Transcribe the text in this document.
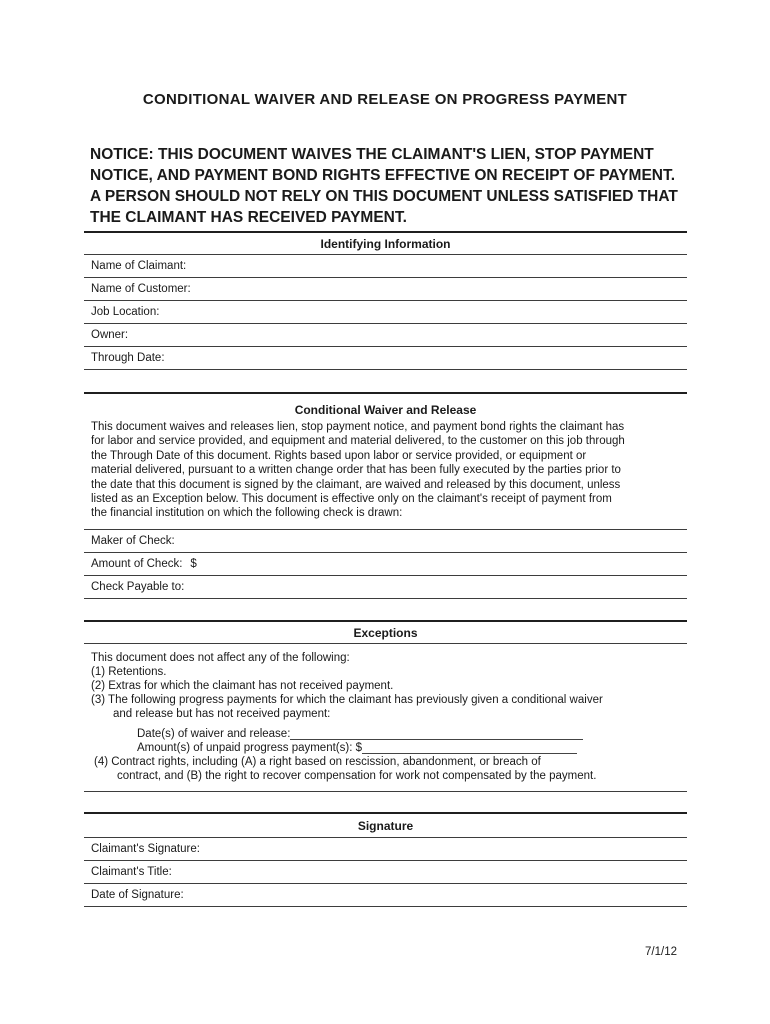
CONDITIONAL WAIVER AND RELEASE ON PROGRESS PAYMENT
NOTICE: THIS DOCUMENT WAIVES THE CLAIMANT'S LIEN, STOP PAYMENT
NOTICE, AND PAYMENT BOND RIGHTS EFFECTIVE ON RECEIPT OF PAYMENT.
A PERSON SHOULD NOT RELY ON THIS DOCUMENT UNLESS SATISFIED THAT
THE CLAIMANT HAS RECEIVED PAYMENT.
Identifying Information
Name of Claimant:
Name of Customer:
Job Location:
Owner:
Through Date:
Conditional Waiver and Release
This document waives and releases lien, stop payment notice, and payment bond rights the claimant has
for labor and service provided, and equipment and material delivered, to the customer on this job through
the Through Date of this document. Rights based upon labor or service provided, or equipment or
material delivered, pursuant to a written change order that has been fully executed by the parties prior to
the date that this document is signed by the claimant, are waived and released by this document, unless
listed as an Exception below. This document is effective only on the claimant's receipt of payment from
the financial institution on which the following check is drawn:
Maker of Check:
Amount of Check: $
Check Payable to:
Exceptions
This document does not affect any of the following:
(1) Retentions.
(2) Extras for which the claimant has not received payment.
(3) The following progress payments for which the claimant has previously given a conditional waiver
and release but has not received payment:
Date(s) of waiver and release:
Amount(s) of unpaid progress payment(s): $
(4) Contract rights, including (A) a right based on rescission, abandonment, or breach of
contract, and (B) the right to recover compensation for work not compensated by the payment.
Signature
Claimant's Signature:
Claimant's Title:
Date of Signature:
7/1/12
